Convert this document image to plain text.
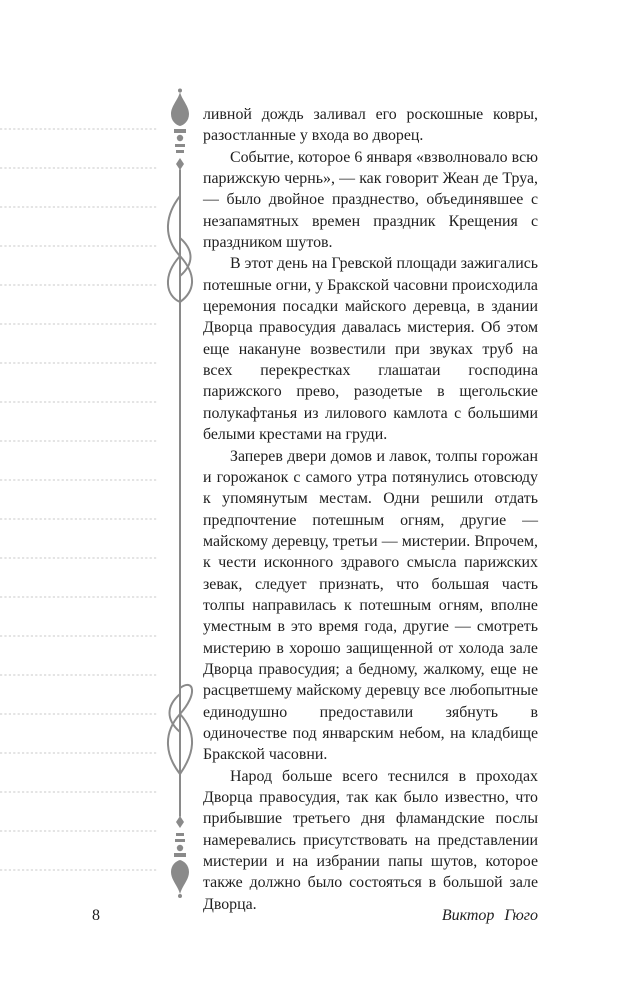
ливной дождь заливал его роскошные ковры, разостланные у входа во дворец.

Событие, которое 6 января «взволновало всю парижскую чернь», — как говорит Жеан де Труа, — было двойное празднество, объединявшее с незапамятных времен праздник Крещения с праздником шутов.

В этот день на Гревской площади зажигались потешные огни, у Бракской часовни происходила церемония посадки майского деревца, в здании Дворца правосудия давалась мистерия. Об этом еще накануне возвестили при звуках труб на всех перекрестках глашатаи господина парижского прево, разодетые в щегольские полукафтанья из лилового камлота с большими белыми крестами на груди.

Заперев двери домов и лавок, толпы горожан и горожанок с самого утра потянулись отовсюду к упомянутым местам. Одни решили отдать предпочтение потешным огням, другие — майскому деревцу, третьи — мистерии. Впрочем, к чести исконного здравого смысла парижских зевак, следует признать, что большая часть толпы направилась к потешным огням, вполне уместным в это время года, другие — смотреть мистерию в хорошо защищенной от холода зале Дворца правосудия; а бедному, жалкому, еще не расцветшему майскому деревцу все любопытные единодушно предоставили зябнуть в одиночестве под январским небом, на кладбище Бракской часовни.

Народ больше всего теснился в проходах Дворца правосудия, так как было известно, что прибывшие третьего дня фламандские послы намеревались присутствовать на представлении мистерии и на избрании папы шутов, которое также должно было состояться в большой зале Дворца.

8	Виктор Гюго
